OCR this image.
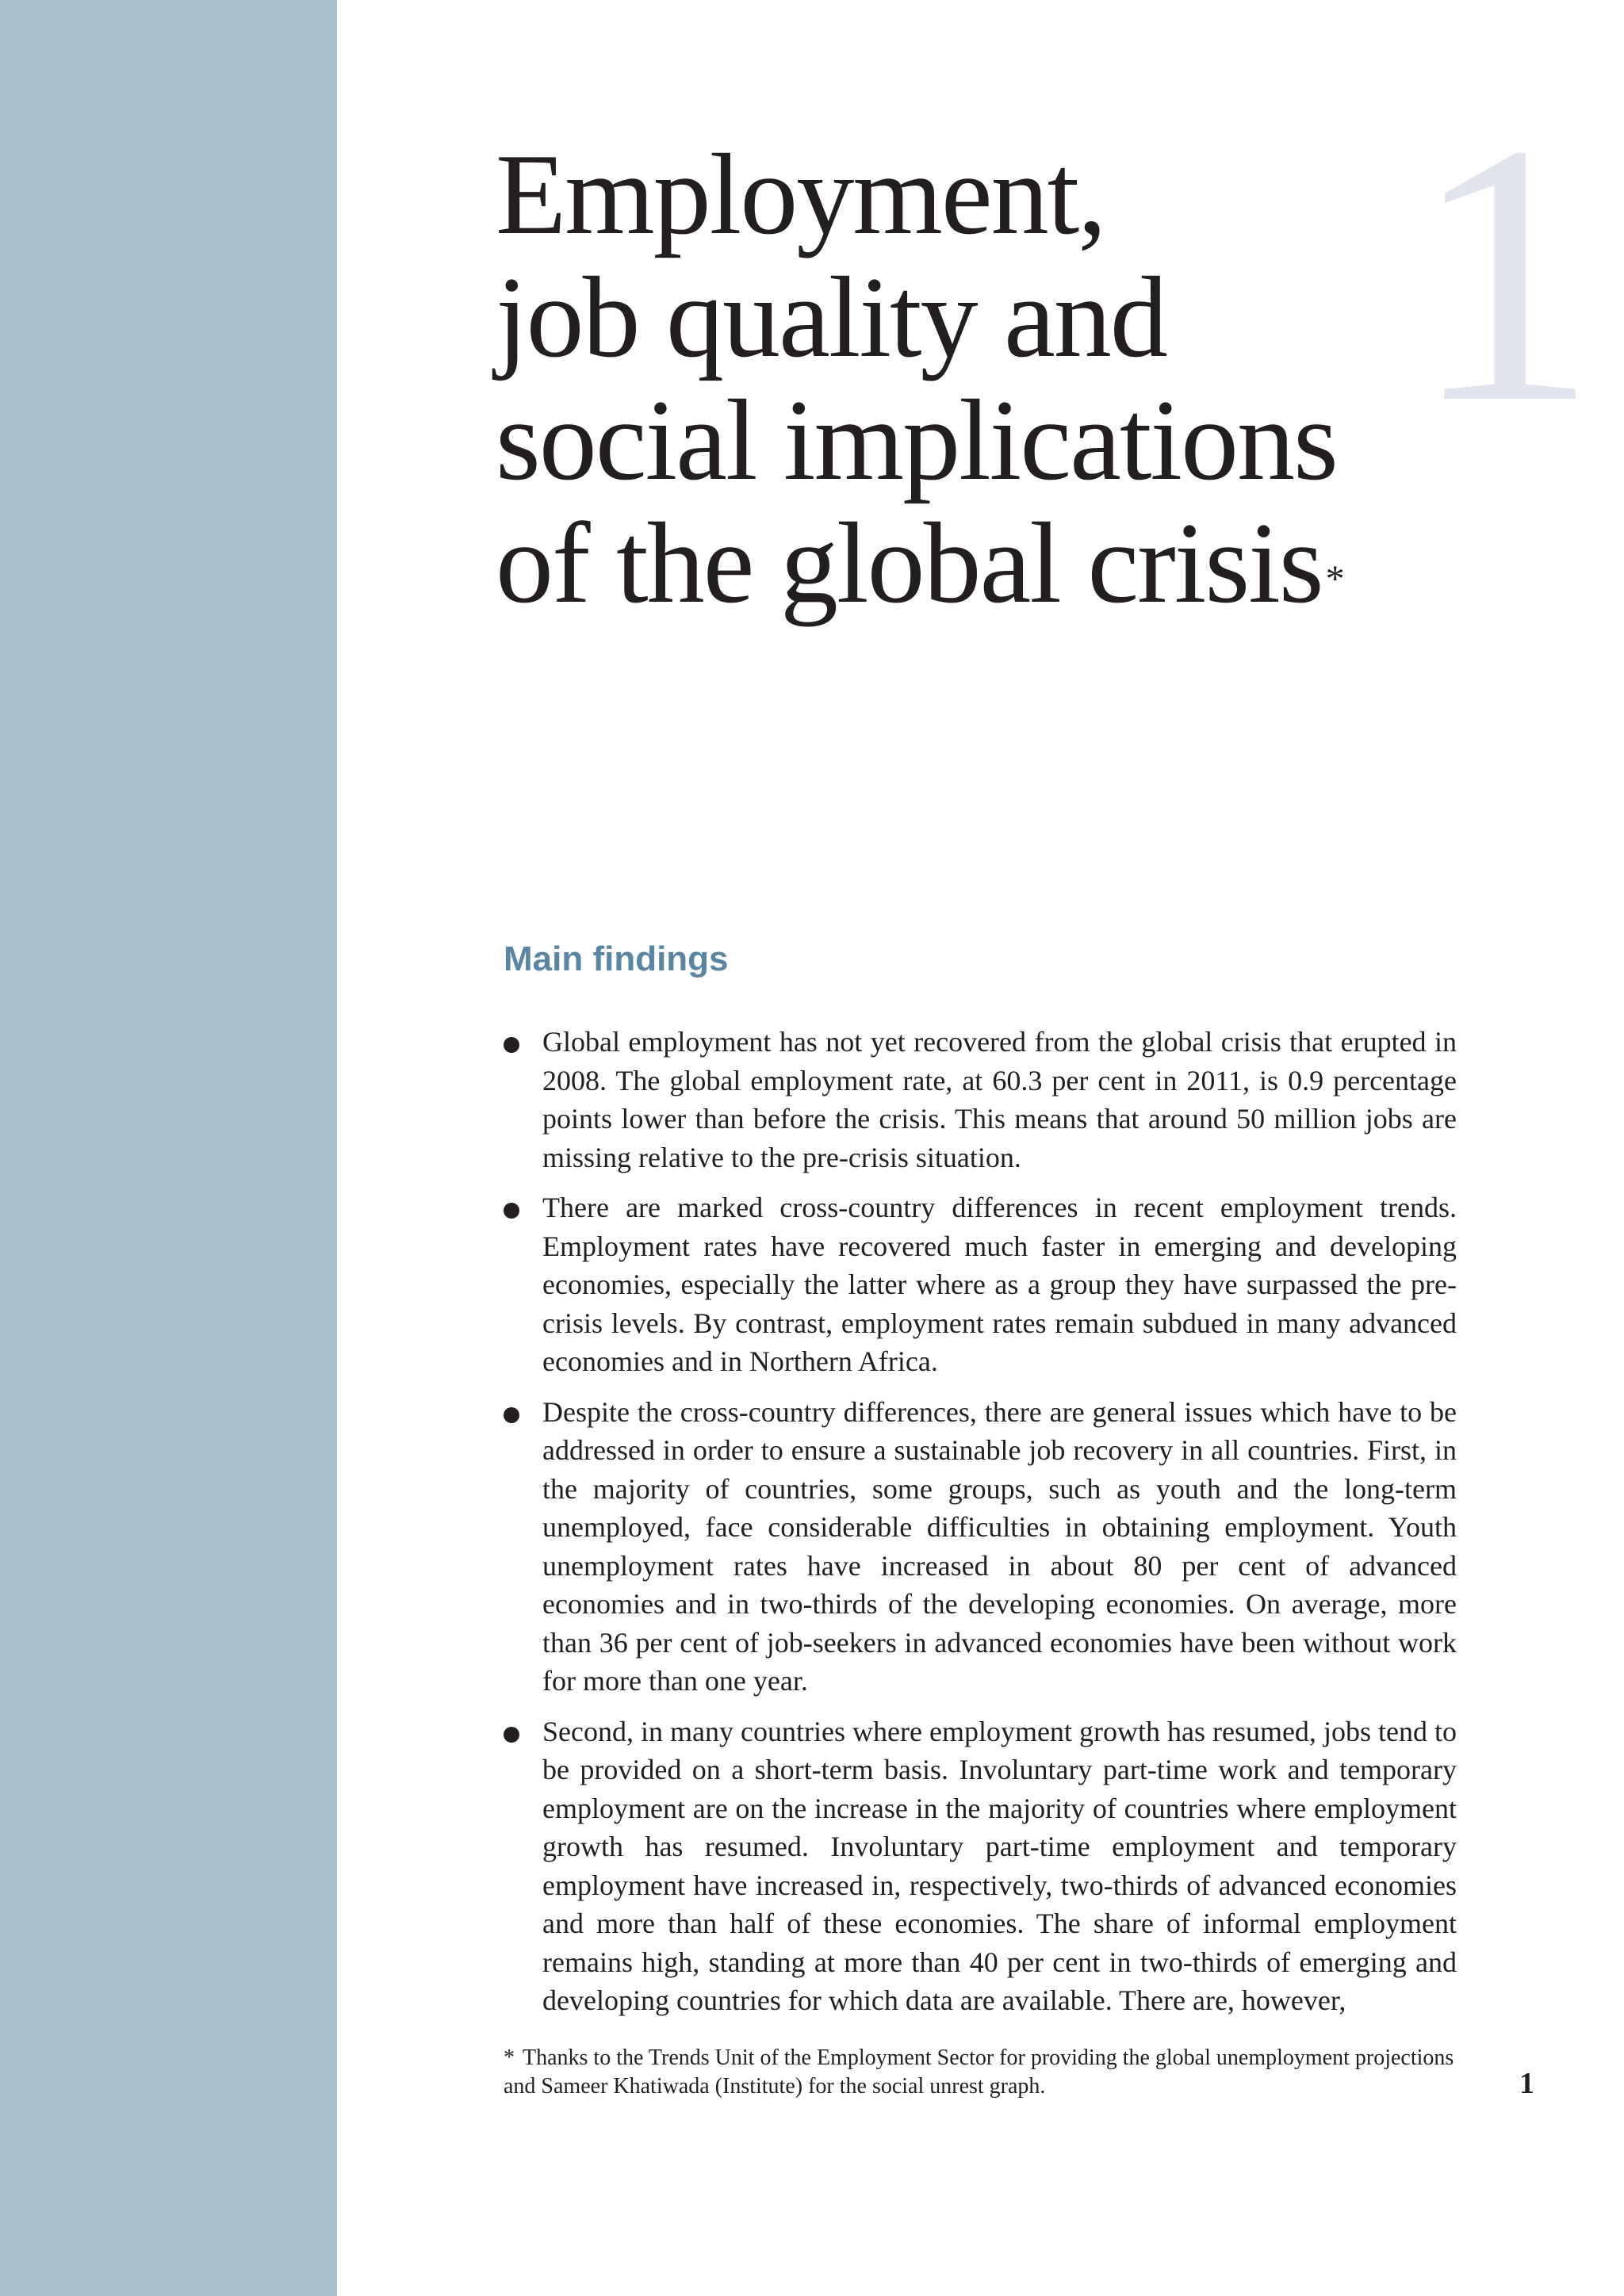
1
Employment,
job quality and
social implications
of the global crisis*
Main findings
Global employment has not yet recovered from the global crisis that erupted in 2008. The global employment rate, at 60.3 per cent in 2011, is 0.9 percentage points lower than before the crisis. This means that around 50 million jobs are missing relative to the pre-crisis situation.
There are marked cross-country differences in recent employment trends. Employment rates have recovered much faster in emerging and developing economies, especially the latter where as a group they have surpassed the pre-crisis levels. By contrast, employment rates remain subdued in many advanced economies and in Northern Africa.
Despite the cross-country differences, there are general issues which have to be addressed in order to ensure a sustainable job recovery in all countries. First, in the majority of countries, some groups, such as youth and the long-term unemployed, face considerable difficulties in obtaining employment. Youth unemployment rates have increased in about 80 per cent of advanced economies and in two-thirds of the developing economies. On average, more than 36 per cent of job-seekers in advanced economies have been without work for more than one year.
Second, in many countries where employment growth has resumed, jobs tend to be provided on a short-term basis. Involuntary part-time work and temporary employment are on the increase in the majority of countries where employment growth has resumed. Involuntary part-time employment and temporary employment have increased in, respectively, two-thirds of advanced economies and more than half of these economies. The share of informal employment remains high, standing at more than 40 per cent in two-thirds of emerging and developing countries for which data are available. There are, however,
* Thanks to the Trends Unit of the Employment Sector for providing the global unemployment projections and Sameer Khatiwada (Institute) for the social unrest graph.	1
